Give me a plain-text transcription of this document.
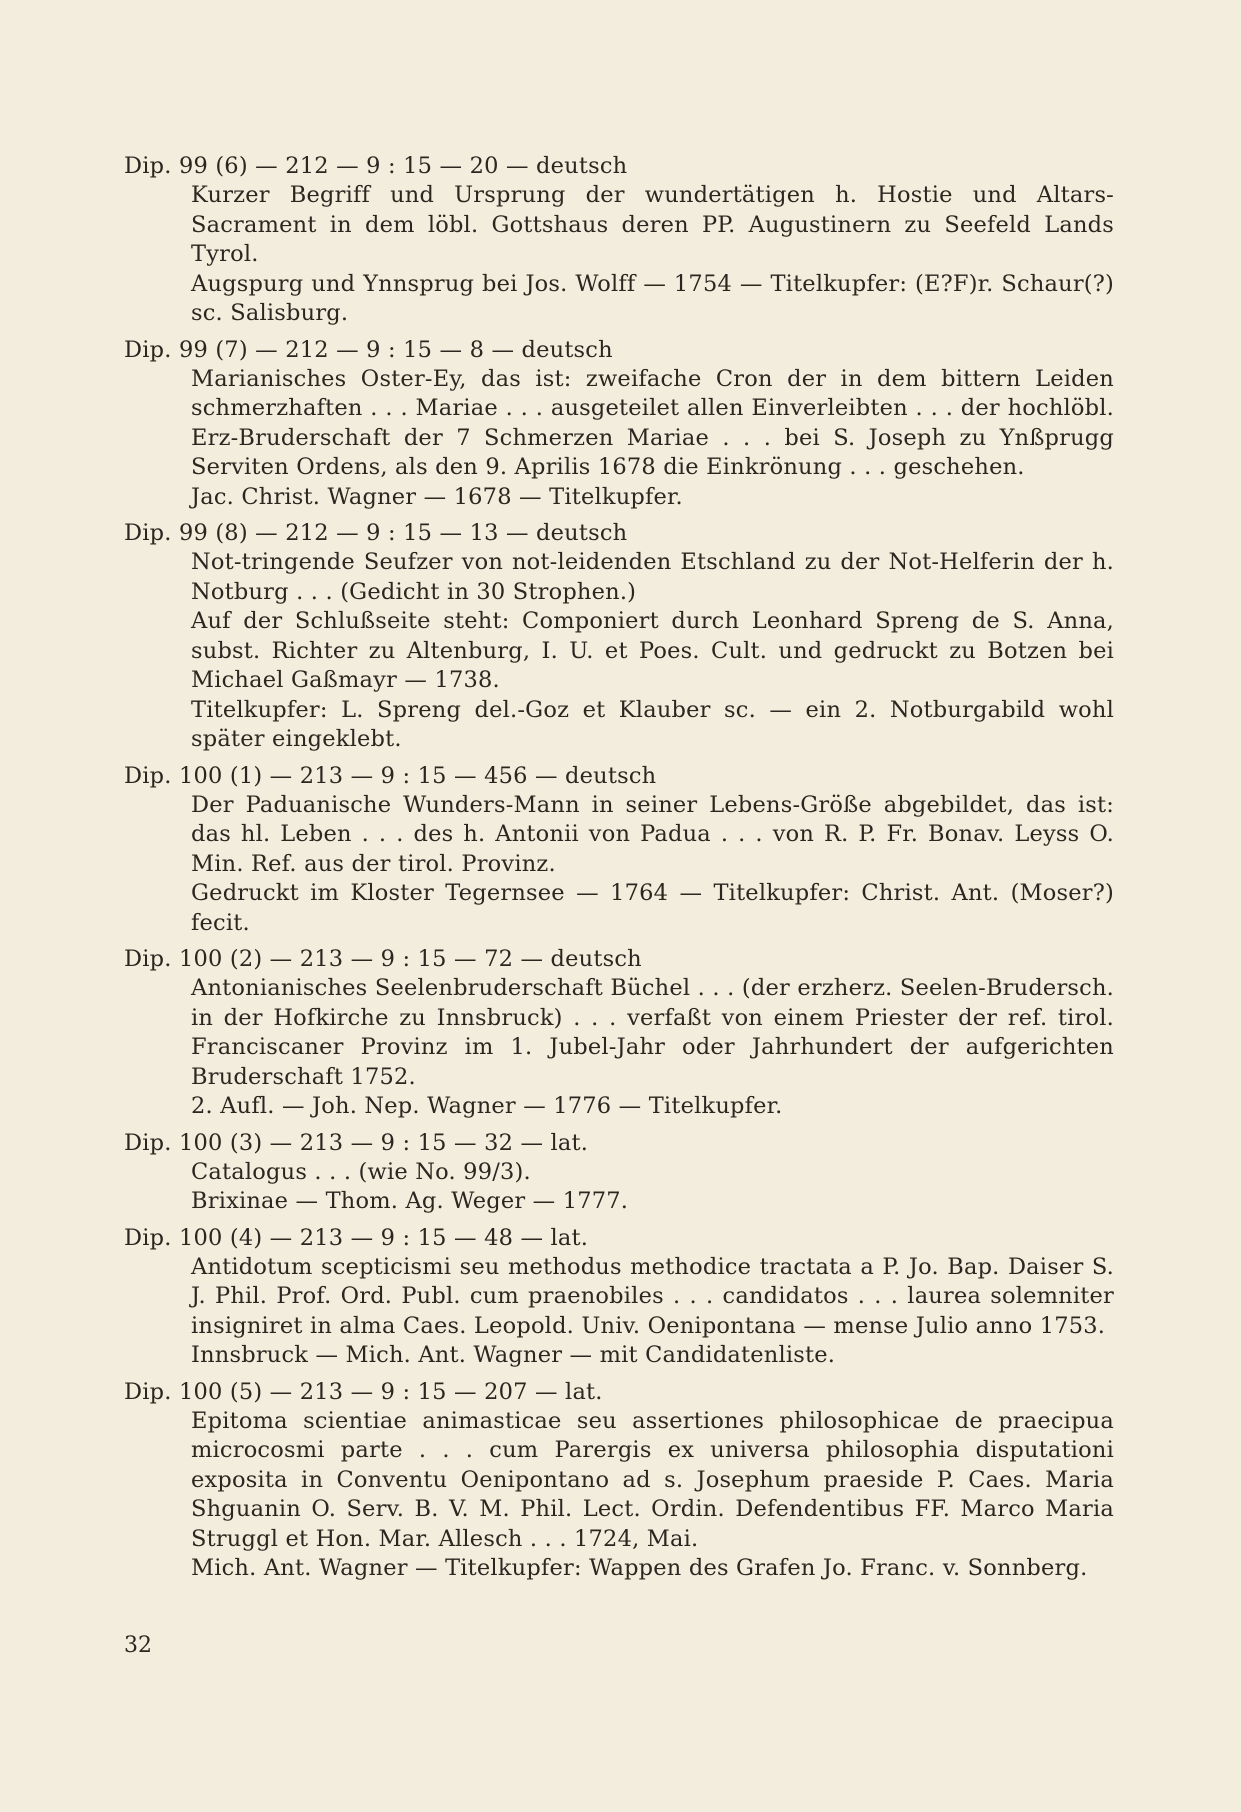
Dip. 99 (6) — 212 — 9 : 15 — 20 — deutsch
Kurzer Begriff und Ursprung der wundertätigen h. Hostie und Altars-Sacrament in dem löbl. Gottshaus deren PP. Augustinern zu Seefeld Lands Tyrol.
Augspurg und Ynnsprug bei Jos. Wolff — 1754 — Titelkupfer: (E?F)r. Schaur(?) sc. Salisburg.
Dip. 99 (7) — 212 — 9 : 15 — 8 — deutsch
Marianisches Oster-Ey, das ist: zweifache Cron der in dem bittern Leiden schmerzhaften . . . Mariae . . . ausgeteilet allen Einverleibten . . . der hochlöbl. Erz-Bruderschaft der 7 Schmerzen Mariae . . . bei S. Joseph zu Ynßprugg Serviten Ordens, als den 9. Aprilis 1678 die Einkrönung . . . geschehen.
Jac. Christ. Wagner — 1678 — Titelkupfer.
Dip. 99 (8) — 212 — 9 : 15 — 13 — deutsch
Not-tringende Seufzer von not-leidenden Etschland zu der Not-Helferin der h. Notburg . . . (Gedicht in 30 Strophen.)
Auf der Schlußseite steht: Componiert durch Leonhard Spreng de S. Anna, subst. Richter zu Altenburg, I. U. et Poes. Cult. und gedruckt zu Botzen bei Michael Gaßmayr — 1738.
Titelkupfer: L. Spreng del.-Goz et Klauber sc. — ein 2. Notburgabild wohl später eingeklebt.
Dip. 100 (1) — 213 — 9 : 15 — 456 — deutsch
Der Paduanische Wunders-Mann in seiner Lebens-Größe abgebildet, das ist: das hl. Leben . . . des h. Antonii von Padua . . . von R. P. Fr. Bonav. Leyss O. Min. Ref. aus der tirol. Provinz.
Gedruckt im Kloster Tegernsee — 1764 — Titelkupfer: Christ. Ant. (Moser?) fecit.
Dip. 100 (2) — 213 — 9 : 15 — 72 — deutsch
Antonianisches Seelenbruderschaft Büchel . . . (der erzherz. Seelen-Brudersch. in der Hofkirche zu Innsbruck) . . . verfaßt von einem Priester der ref. tirol. Franciscaner Provinz im 1. Jubel-Jahr oder Jahrhundert der aufgerichten Bruderschaft 1752.
2. Aufl. — Joh. Nep. Wagner — 1776 — Titelkupfer.
Dip. 100 (3) — 213 — 9 : 15 — 32 — lat.
Catalogus . . . (wie No. 99/3).
Brixinae — Thom. Ag. Weger — 1777.
Dip. 100 (4) — 213 — 9 : 15 — 48 — lat.
Antidotum scepticismi seu methodus methodice tractata a P. Jo. Bap. Daiser S. J. Phil. Prof. Ord. Publ. cum praenobiles . . . candidatos . . . laurea solemniter insigniret in alma Caes. Leopold. Univ. Oenipontana — mense Julio anno 1753.
Innsbruck — Mich. Ant. Wagner — mit Candidatenliste.
Dip. 100 (5) — 213 — 9 : 15 — 207 — lat.
Epitoma scientiae animasticae seu assertiones philosophicae de praecipua microcosmi parte . . . cum Parergis ex universa philosophia disputationi exposita in Conventu Oenipontano ad s. Josephum praeside P. Caes. Maria Shguanin O. Serv. B. V. M. Phil. Lect. Ordin. Defendentibus FF. Marco Maria Struggl et Hon. Mar. Allesch . . . 1724, Mai.
Mich. Ant. Wagner — Titelkupfer: Wappen des Grafen Jo. Franc. v. Sonnberg.
32
